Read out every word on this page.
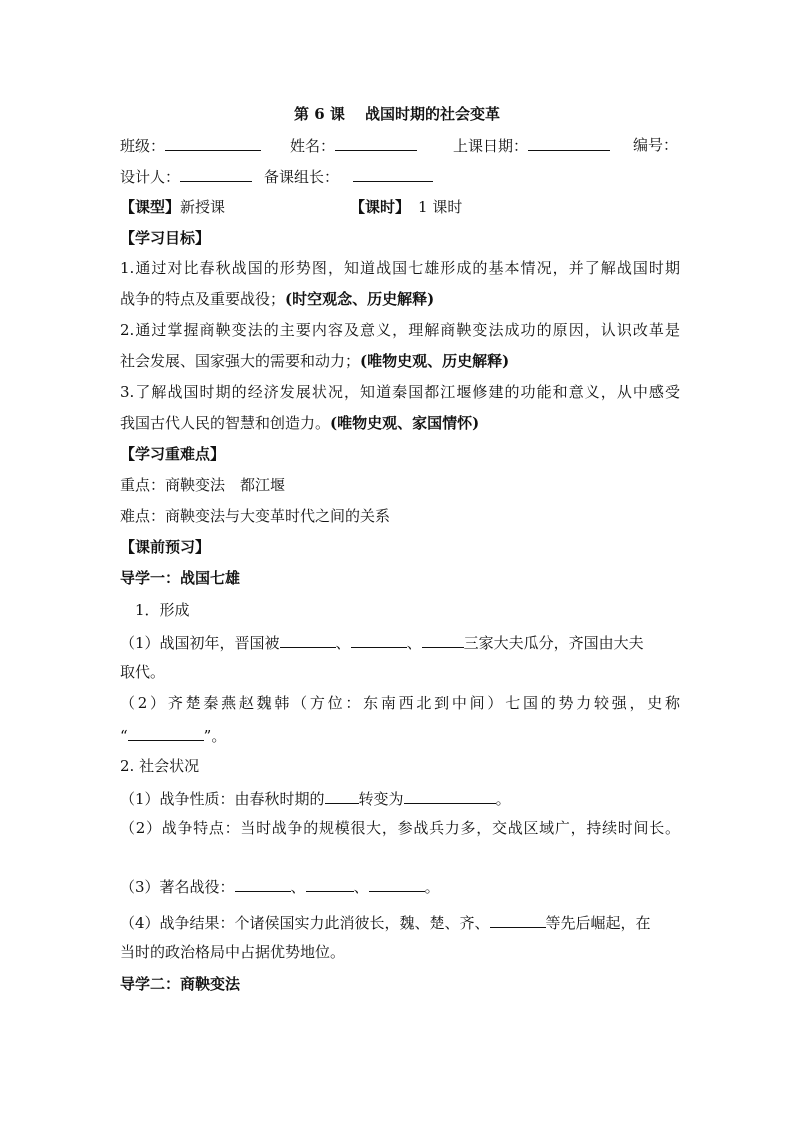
第 6 课 战国时期的社会变革
班级：	姓名：	上课日期：	编号：
设计人：	备课组长：
【课型】新授课	【课时】 1 课时
【学习目标】
1.通过对比春秋战国的形势图，知道战国七雄形成的基本情况，并了解战国时期
战争的特点及重要战役；(时空观念、历史解释)
2.通过掌握商鞅变法的主要内容及意义，理解商鞅变法成功的原因，认识改革是
社会发展、国家强大的需要和动力；(唯物史观、历史解释)
3.了解战国时期的经济发展状况，知道秦国都江堰修建的功能和意义，从中感受
我国古代人民的智慧和创造力。(唯物史观、家国情怀)
【学习重难点】
重点：商鞅变法　都江堰
难点：商鞅变法与大变革时代之间的关系
【课前预习】
导学一：战国七雄
1．形成
（1）战国初年，晋国被	、	、	三家大夫瓜分，齐国由大夫
取代。
（2）齐楚秦燕赵魏韩（方位：东南西北到中间）七国的势力较强，史称
“	”。
2. 社会状况
（1）战争性质：由春秋时期的 转变为	。
（2）战争特点：当时战争的规模很大，参战兵力多，交战区域广，持续时间长。
（3）著名战役：	、	、	。
（4）战争结果：个诸侯国实力此消彼长，魏、楚、齐、	等先后崛起，在
当时的政治格局中占据优势地位。
导学二：商鞅变法
